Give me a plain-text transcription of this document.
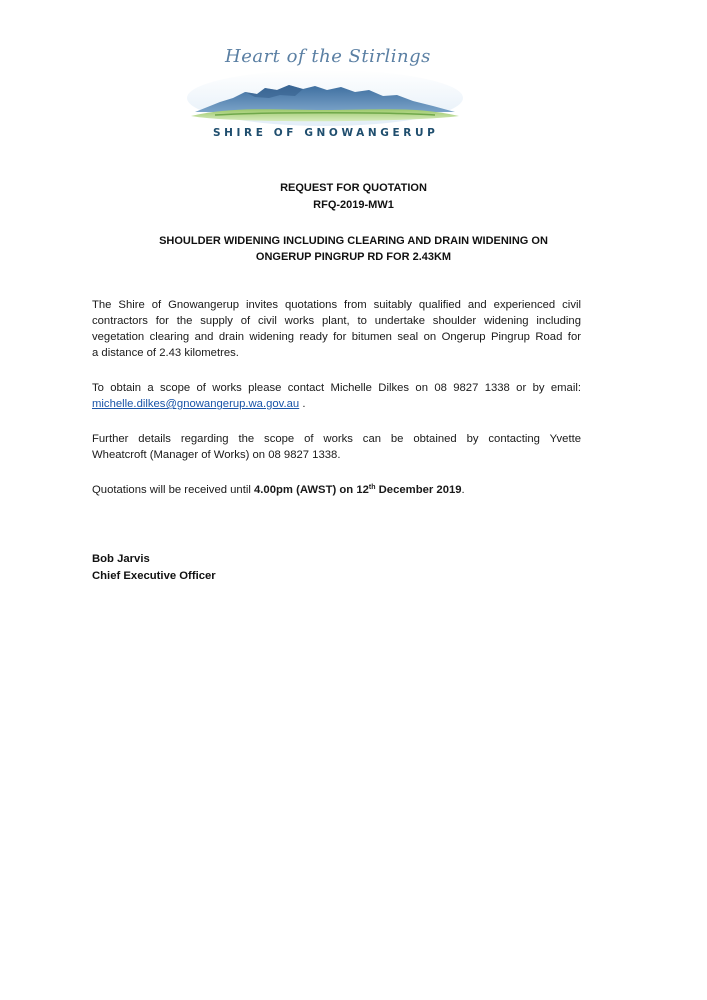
Heart of the Stirlings
SHIRE OF GNOWANGERUP
REQUEST FOR QUOTATION
RFQ-2019-MW1
SHOULDER WIDENING INCLUDING CLEARING AND DRAIN WIDENING ON
ONGERUP PINGRUP RD FOR 2.43KM
The Shire of Gnowangerup invites quotations from suitably qualified and experienced civil
contractors for the supply of civil works plant, to undertake shoulder widening including
vegetation clearing and drain widening ready for bitumen seal on Ongerup Pingrup Road for
a distance of 2.43 kilometres.
To obtain a scope of works please contact Michelle Dilkes on 08 9827 1338 or by email:
michelle.dilkes@gnowangerup.wa.gov.au .
Further details regarding the scope of works can be obtained by contacting Yvette
Wheatcroft (Manager of Works) on 08 9827 1338.
Quotations will be received until 4.00pm (AWST) on 12th December 2019.
Bob Jarvis
Chief Executive Officer
